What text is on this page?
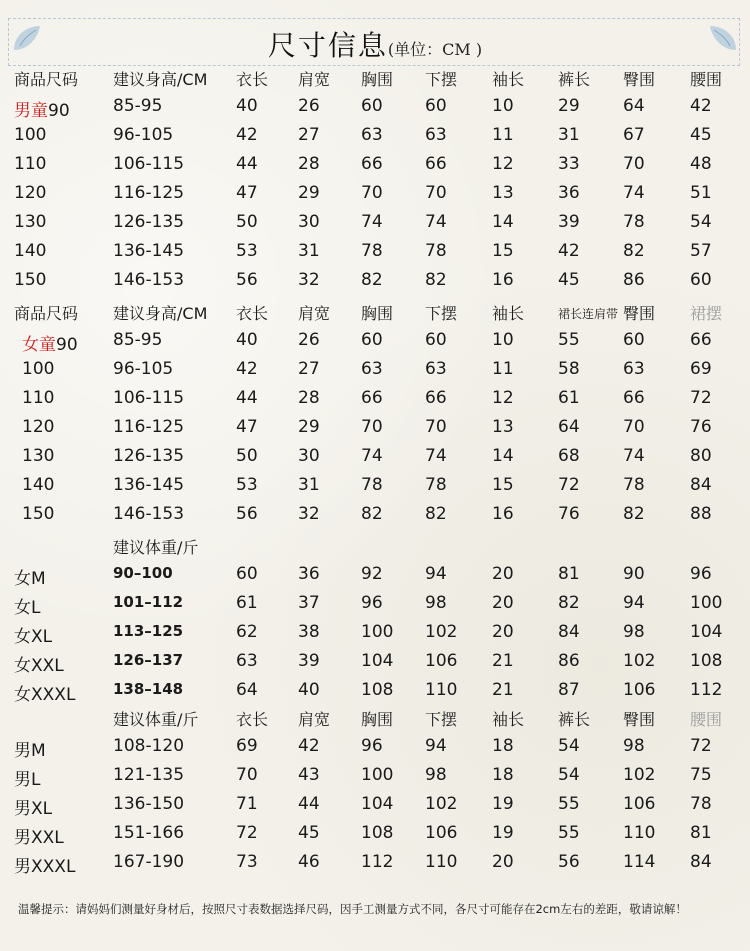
尺寸信息(单位：CM )
商品尺码 建议身高/CM 衣长 肩宽 胸围 下摆 袖长 裤长 臀围 腰围
男童90	85-95	40 26 60 60	10	29	64	42
100	96-105	42 27 63 63	11	31	67	45
110	106-115	44 28 66 66	12	33	70	48
120	116-125	47 29 70 70	13	36	74	51
130	126-135	50 30 74 74	14	39	78	54
140	136-145	53 31 78 78	15	42	82	57
150	146-153	56 32 82 82	16	45	86	60
商品尺码 建议身高/CM 衣长 肩宽 胸围 下摆 袖长	裙长连肩带 臀围 裙摆
女童90 85-95	40 26 60 60	10	55	60	66
100	96-105	42 27 63 63	11	58	63	69
110	106-115	44 28 66 66	12	61	66	72
120	116-125	47 29 70 70	13	64	70	76
130	126-135	50 30 74 74	14	68	74	80
140	136-145	53 31 78 78	15	72	78	84
150	146-153	56 32 82 82	16	76	82	88
建议体重/斤
女M	90–100	60 36 92 94	20	81	90	96
女L	101–112	61 37 96 98	20	82	94	100
女XL	113–125	62 38 100 102 20	84	98	104
女XXL	126–137	63 39 104 106 21	86	102 108
女XXXL	138–148	64 40 108 110 21	87	106 112
建议体重/斤 衣长 肩宽 胸围 下摆 袖长 裤长 臀围 腰围
男M	108-120	69 42 96 94	18	54	98	72
男L	121-135	70 43 100 98	18	54	102 75
男XL	136-150	71 44 104 102 19	55	106 78
男XXL	151-166	72 45 108 106 19	55	110 81
男XXXL 167-190	73 46 112 110 20	56	114 84
温馨提示：请妈妈们测量好身材后，按照尺寸表数据选择尺码，因手工测量方式不同，各尺寸可能存在2cm左右的差距，敬请谅解！
